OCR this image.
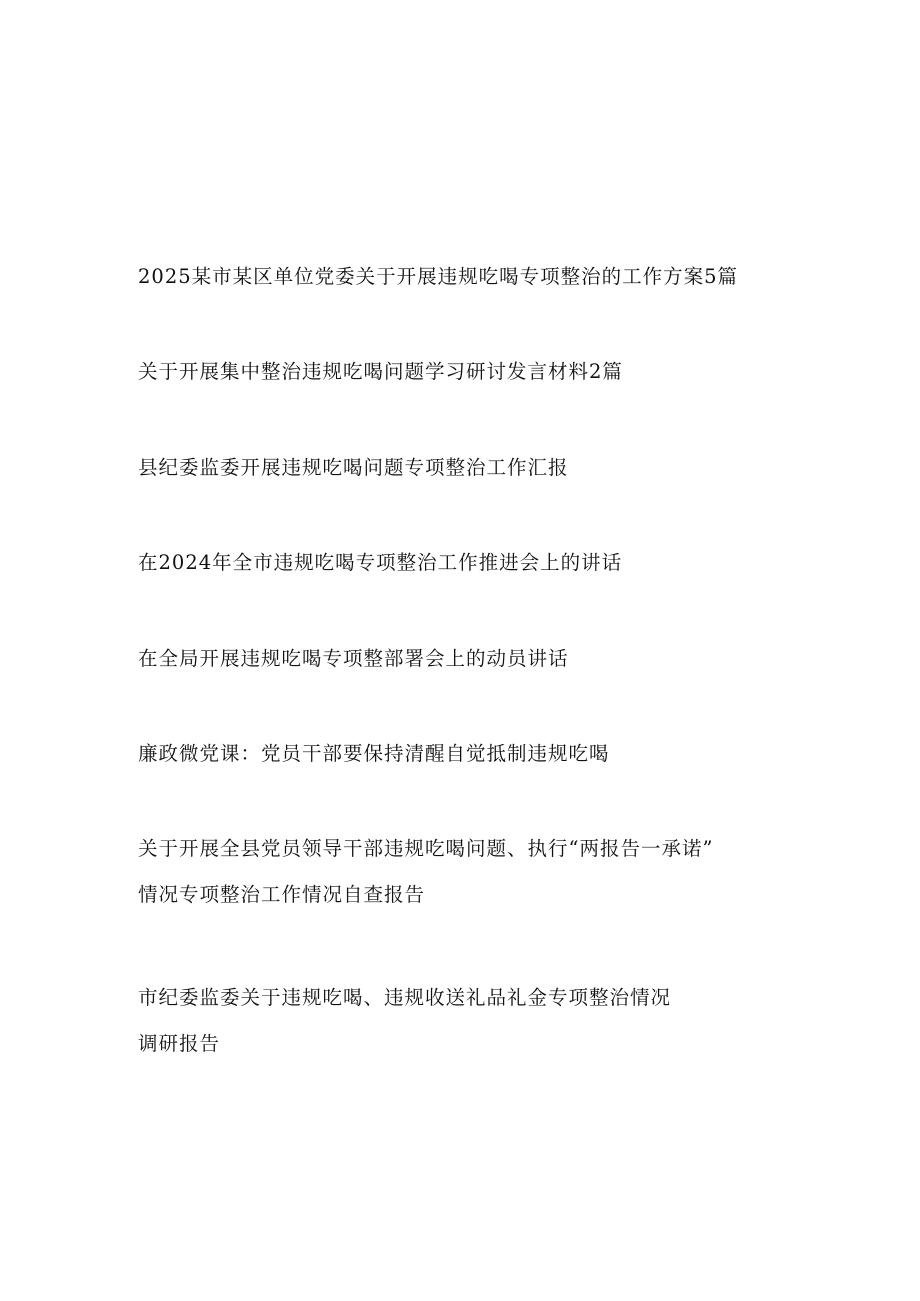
2025某市某区单位党委关于开展违规吃喝专项整治的工作方案5篇
关于开展集中整治违规吃喝问题学习研讨发言材料2篇
县纪委监委开展违规吃喝问题专项整治工作汇报
在2024年全市违规吃喝专项整治工作推进会上的讲话
在全局开展违规吃喝专项整部署会上的动员讲话
廉政微党课：党员干部要保持清醒自觉抵制违规吃喝
关于开展全县党员领导干部违规吃喝问题、执行“两报告一承诺”
情况专项整治工作情况自查报告
市纪委监委关于违规吃喝、违规收送礼品礼金专项整治情况
调研报告
